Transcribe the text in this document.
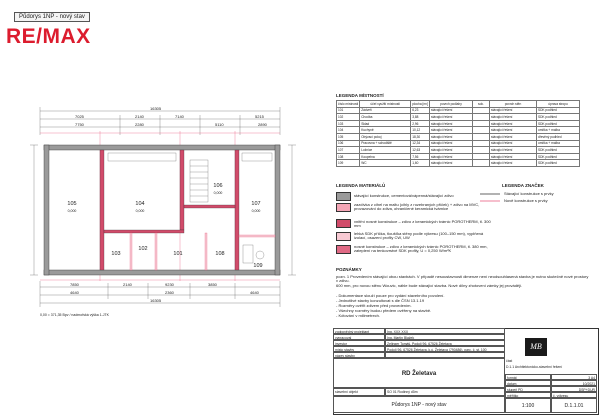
Půdorys 1NP - nový stav
RE/MAX
16305
7025	2140	7140	5215
7750	2280	5110	2890
7850	2140	9230	3850
4640	2360	4640
16305
105
0,000
104
0,000
106
0,000
107
0,000
103
102
101	108
109
0,00 = 371,35 Bpv / nadmořská výška 1-JTK
LEGENDA MÍSTNOSTÍ
číslo místnosti	účel využití místnosti	plocha [m²]	povrch podlahy	sok.	povrch stěn	úprava stropu
101	Zádveří	6,23	stávající řešení		stávající řešení	SDK podhled
102	Chodba	3,88	stávající řešení		stávající řešení	SDK podhled
103	Sklad	2,96	stávající řešení		stávající řešení	SDK podhled
104	Kuchyně	10,12	stávající řešení		stávající řešení	omítka + malba
105	Obývací pokoj	18,30	stávající řešení		stávající řešení	dřevěný podhled
106	Pracovna + schodiště	12,34	stávající řešení		stávající řešení	omítka + malba
107	Ložnice	12,63	stávající řešení		stávající řešení	SDK podhled
108	Koupelna	7,56	stávající řešení		stávající řešení	SDK podhled
109	WC	1,60	stávající řešení		stávající řešení	SDK podhled
LEGENDA MATERIÁLŮ
stávající konstrukce, cementová/vápenná/stávající zdivo
zazdívka z cihel na maltu (cihly z rozebraných příček) + zdivo na MVC, provazování do zdiva, ohraničené keramická tvárnice
vnitřní nosné konstrukce – zdivo z keramických tvárnic POROTHERM, tl. 300 mm
lehká SDK příčka, tloušťka stěny podle výkresu (100–150 mm), vyplňená izolací, osazení profily CW, UW
nosné konstrukce – zdivo z keramických tvárnic POROTHERM, tl. 380 mm, zateplení na tenkovrstvé SDK profily, U = 0,250 W/m²K
LEGENDA ZNAČEK
Stávající konstrukce s prvky
Nově konstrukce s prvky
POZNÁMKY
pozn. 1 Provedením stávající obou stavbách. V případě nesoustavnosti dimenze není neodsouhlasená stavba je nutno skutečně nové prostory v zdivu.
600 mm, pro novou stěnu Wouvic, náhle bude stávající stavba. Nové dílny zhotovení zámky jej provádějí.
- Dokumentace slouží pouze pro vydání stavebního povolení.
- Jednotlivé stavby konzultovat s dle ČSN 13.1.19
- Rozměry ověřit zdivem před provedením.
- Všechny rozměry budou předem ověřeny na stavbě.
- Kótování v milimetrech.
zodpovědný projektant	Ing. XXX XXX
vypracoval	Ing. Martin Blažek
investor	Zelinger Tomáš, Podolí 96, 67526 Želetava
místo stavby	Podolí 96, 67526 Želetava, k.ú. Želetava (790486), parc. č. st. 100
název stavby
RD Želetava
stavební objekt	SO 01 Rodinný dům
Půdorys 1NP - nový stav
MB
část
D.1.1 Architektonicko-stavební řešení
formát	3 A4
datum	10/2021
stupeň PD	DSP+DUR
měřítko	č. výkresu
1:100	D.1.1.01
